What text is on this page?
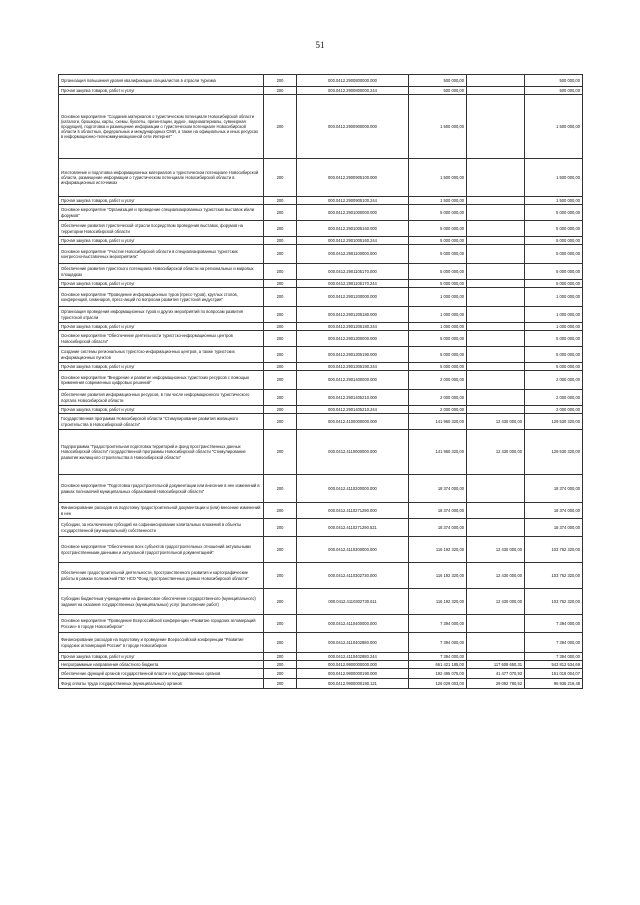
51
Организация повышения уровня квалификации специалистов в отрасли туризма	200	000.0412.2900800000.000	500 000,00		500 000,00
Прочая закупка товаров, работ и услуг	200	000.0412.2900800000.244	500 000,00		500 000,00
Основное мероприятие "Создание материалов о туристическом потенциале Новосибирской области (каталоги, брошюры, карты, схемы, буклеты, презентации, аудио-, видеоматериалы, сувенирная продукция), подготовка и размещение информации о туристическом потенциале Новосибирской области в областных, федеральных и международных СМИ, а также на официальных и иных ресурсах в информационно-телекоммуникационной сети Интернет"	200	000.0412.2900900000.000	1 500 000,00		1 500 000,00
Изготовление и подготовка информационных материалов о туристическом потенциале Новосибирской области, размещение информации о туристическом потенциале Новосибирской области в информационных источниках	200	000.0412.2900905100.000	1 500 000,00		1 500 000,00
Прочая закупка товаров, работ и услуг	200	000.0412.2900905100.244	1 500 000,00		1 500 000,00
Основное мероприятие "Организация и проведение специализированных туристских выставок и/или форумов"	200	000.0412.2901000000.000	5 000 000,00		5 000 000,00
Обеспечение развития туристической отрасли посредством проведения выставок, форумов на территории Новосибирской области	200	000.0412.2901005160.000	5 000 000,00		5 000 000,00
Прочая закупка товаров, работ и услуг	200	000.0412.2901005160.244	5 000 000,00		5 000 000,00
Основное мероприятие "Участие Новосибирской области в специализированных туристских конгрессно-выставочных мероприятиях"	200	000.0412.2901100000.000	5 000 000,00		5 000 000,00
Обеспечение развития туристского потенциала Новосибирской области на региональных и мировых площадках	200	000.0412.2901105170.000	5 000 000,00		5 000 000,00
Прочая закупка товаров, работ и услуг	200	000.0412.2901105170.244	5 000 000,00		5 000 000,00
Основное мероприятие "Проведение информационных туров (пресс-туров), круглых столов, конференций, семинаров, пресс-акций по вопросам развития туристской индустрии"	200	000.0412.2901200000.000	1 000 000,00		1 000 000,00
Организация проведения информационных туров и других мероприятий по вопросам развития туристской отрасли	200	000.0412.2901205180.000	1 000 000,00		1 000 000,00
Прочая закупка товаров, работ и услуг	200	000.0412.2901205180.244	1 000 000,00		1 000 000,00
Основное мероприятие "Обеспечение деятельности туристско-информационных центров Новосибирской области"	200	000.0412.2901300000.000	5 000 000,00		5 000 000,00
Создание системы региональных туристско-информационных центров, а также туристских информационных пунктов	200	000.0412.2901305190.000	5 000 000,00		5 000 000,00
Прочая закупка товаров, работ и услуг	200	000.0412.2901305190.244	5 000 000,00		5 000 000,00
Основное мероприятие "Внедрение и развитие информационных туристских ресурсов с помощью применения современных цифровых решений"	200	000.0412.2901400000.000	2 000 000,00		2 000 000,00
Обеспечение развития информационных ресурсов, в том числе информационного туристического портала Новосибирской области	200	000.0412.2901405210.000	2 000 000,00		2 000 000,00
Прочая закупка товаров, работ и услуг	200	000.0412.2901405210.244	2 000 000,00		2 000 000,00
Государственная программа Новосибирской области "Стимулирование развития жилищного строительства в Новосибирской области"	200	000.0412.4100000000.000	141 960 320,00	12 430 000,00	129 530 320,00
Подпрограмма "Градостроительная подготовка территорий и фонд пространственных данных Новосибирской области" государственной программы Новосибирской области "Стимулирование развития жилищного строительства в Новосибирской области"	200	000.0412.4110000000.000	141 960 320,00	12 430 000,00	129 530 320,00
Основное мероприятие "Подготовка градостроительной документации или внесение в нее изменений в рамках полномочий муниципальных образований Новосибирской области"	200	000.0412.4110200000.000	18 374 000,00		18 374 000,00
Финансирование расходов на подготовку градостроительной документации и (или) внесение изменений в нее	200	000.0412.4110271290.000	18 374 000,00		18 374 000,00
Субсидии, за исключением субсидий на софинансирование капитальных вложений в объекты государственной (муниципальной) собственности	200	000.0412.4110271290.521	18 374 000,00		18 374 000,00
Основное мероприятие "Обеспечение всех субъектов градостроительных отношений актуальными пространственными данными и актуальной градостроительной документацией"	200	000.0412.4110300000.000	116 192 320,00	12 430 000,00	103 762 320,00
Обеспечение градостроительной деятельности, пространственного развития и картографические работы в рамках полномочий ГБУ НСО "Фонд пространственных данных Новосибирской области"	200	000.0412.4110302730.000	116 192 320,00	12 430 000,00	103 762 320,00
Субсидии бюджетным учреждениям на финансовое обеспечение государственного (муниципального) задания на оказание государственных (муниципальных) услуг (выполнение работ)	200	000.0412.4110302730.611	116 192 320,00	12 430 000,00	103 762 320,00
Основное мероприятие "Проведение Всероссийской конференции «Развитие городских агломераций России» в городе Новосибирске"	200	000.0412.4110400000.000	7 394 000,00		7 394 000,00
Финансирование расходов на подготовку и проведение Всероссийской конференции "Развитие городских агломераций России" в городе Новосибирске	200	000.0412.4110402880.000	7 394 000,00		7 394 000,00
Прочая закупка товаров, работ и услуг	200	000.0412.4110402880.244	7 394 000,00		7 394 000,00
Непрограммные направления областного бюджета	200	000.0412.9900000000.000	661 421 185,00	117 608 650,31	543 812 534,69
Обеспечение функций органов государственной власти и государственных органов	200	000.0412.9900000190.000	192 495 075,00	41 477 070,93	151 018 004,07
Фонд оплаты труда государственных (муниципальных) органов	200	000.0412.9900000190.121	126 029 003,00	29 092 780,52	96 936 219,48
